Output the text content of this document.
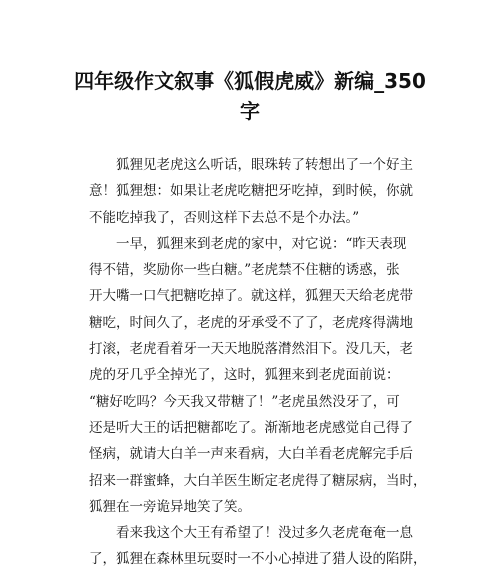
四年级作文叙事《狐假虎威》新编_350
字
狐狸见老虎这么听话，眼珠转了转想出了一个好主
意！狐狸想：如果让老虎吃糖把牙吃掉，到时候，你就
不能吃掉我了，否则这样下去总不是个办法。”
一早，狐狸来到老虎的家中，对它说：“昨天表现
得不错，奖励你一些白糖。”老虎禁不住糖的诱惑，张
开大嘴一口气把糖吃掉了。就这样，狐狸天天给老虎带
糖吃，时间久了，老虎的牙承受不了了，老虎疼得满地
打滚，老虎看着牙一天天地脱落潸然泪下。没几天，老
虎的牙几乎全掉光了，这时，狐狸来到老虎面前说：
“糖好吃吗？今天我又带糖了！”老虎虽然没牙了，可
还是听大王的话把糖都吃了。渐渐地老虎感觉自己得了
怪病，就请大白羊一声来看病，大白羊看老虎解完手后
招来一群蜜蜂，大白羊医生断定老虎得了糖尿病，当时，
狐狸在一旁诡异地笑了笑。
看来我这个大王有希望了！没过多久老虎奄奄一息
了，狐狸在森林里玩耍时一不小心掉进了猎人设的陷阱，
